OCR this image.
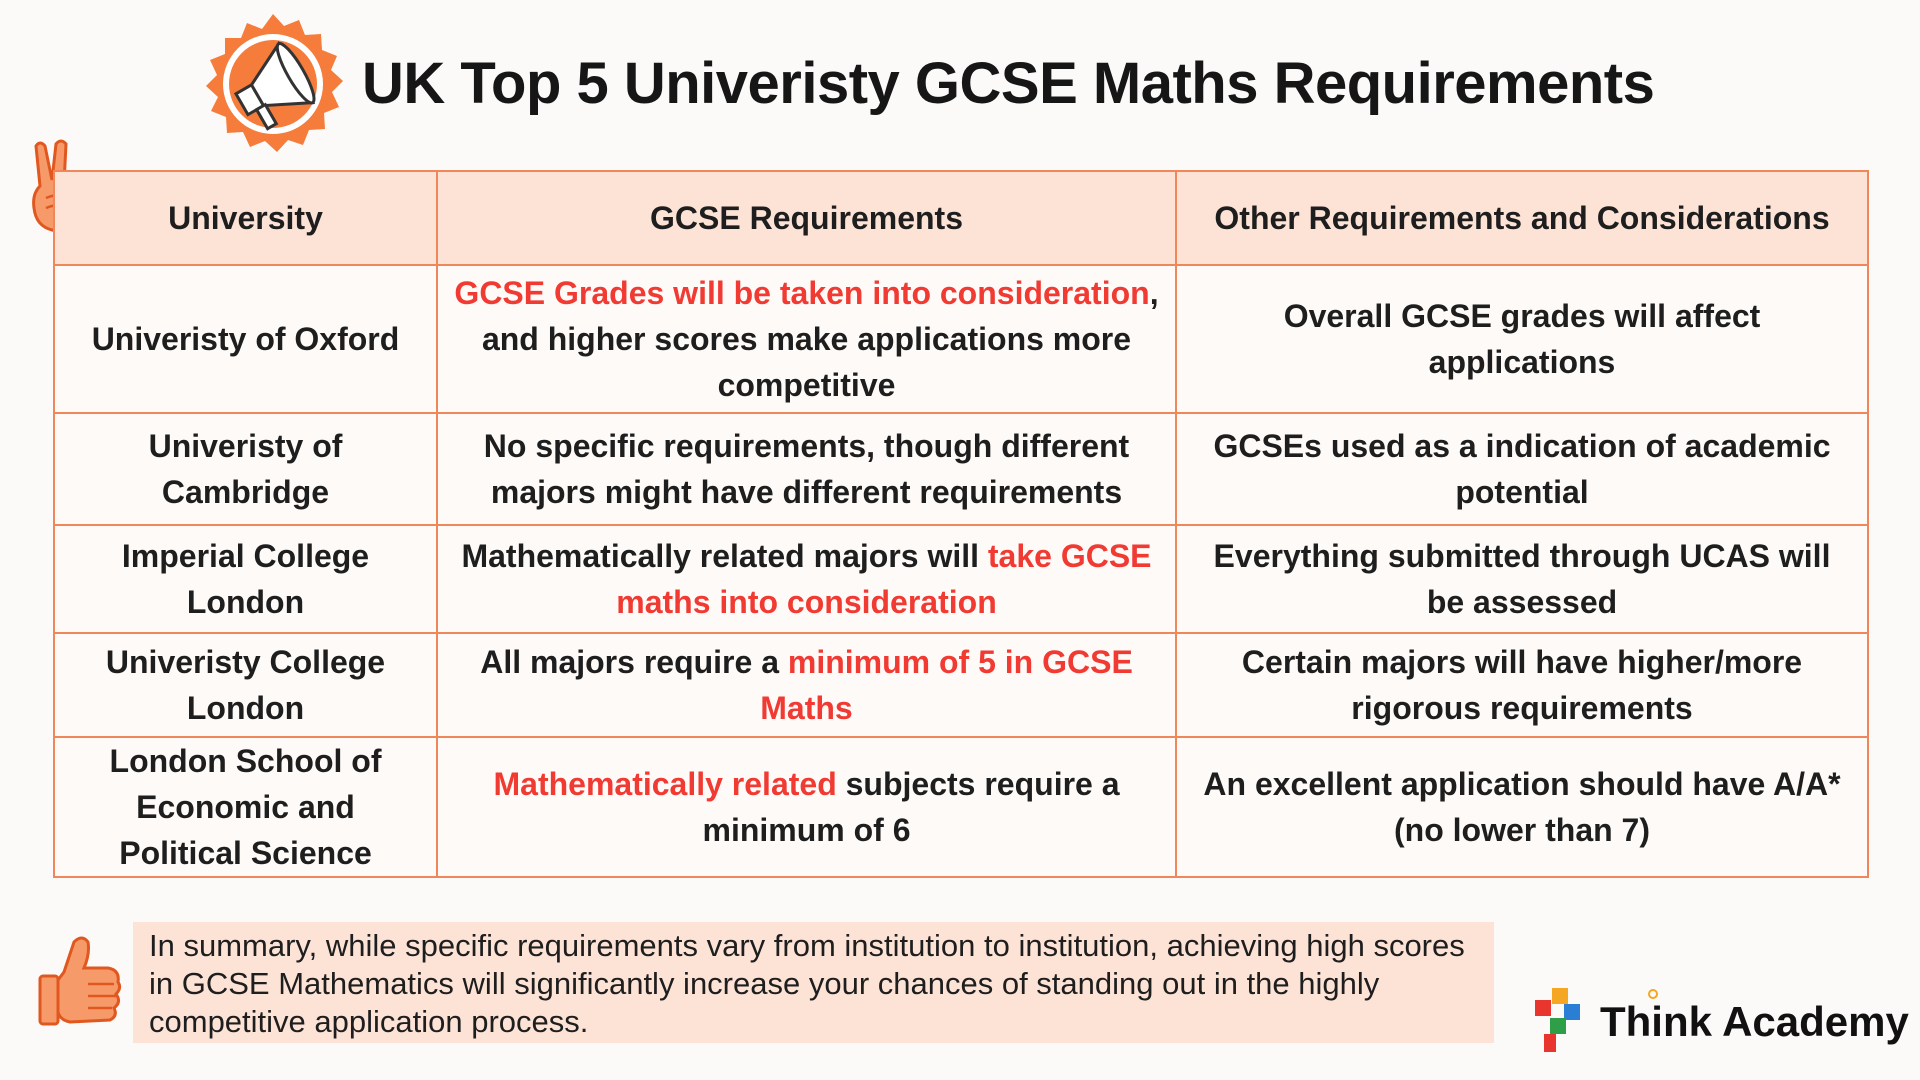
UK Top 5 Univeristy GCSE Maths Requirements
University	GCSE Requirements	Other Requirements and Considerations
Univeristy of Oxford	GCSE Grades will be taken into consideration, and higher scores make applications more competitive	Overall GCSE grades will affect applications
Univeristy of Cambridge	No specific requirements, though different majors might have different requirements	GCSEs used as a indication of academic potential
Imperial College London	Mathematically related majors will take GCSE maths into consideration	Everything submitted through UCAS will be assessed
Univeristy College London	All majors require a minimum of 5 in GCSE Maths	Certain majors will have higher/more rigorous requirements
London School of Economic and Political Science	Mathematically related subjects require a minimum of 6	An excellent application should have A/A* (no lower than 7)
In summary, while specific requirements vary from institution to institution, achieving high scores in GCSE Mathematics will significantly increase your chances of standing out in the highly competitive application process.	Think Academy
